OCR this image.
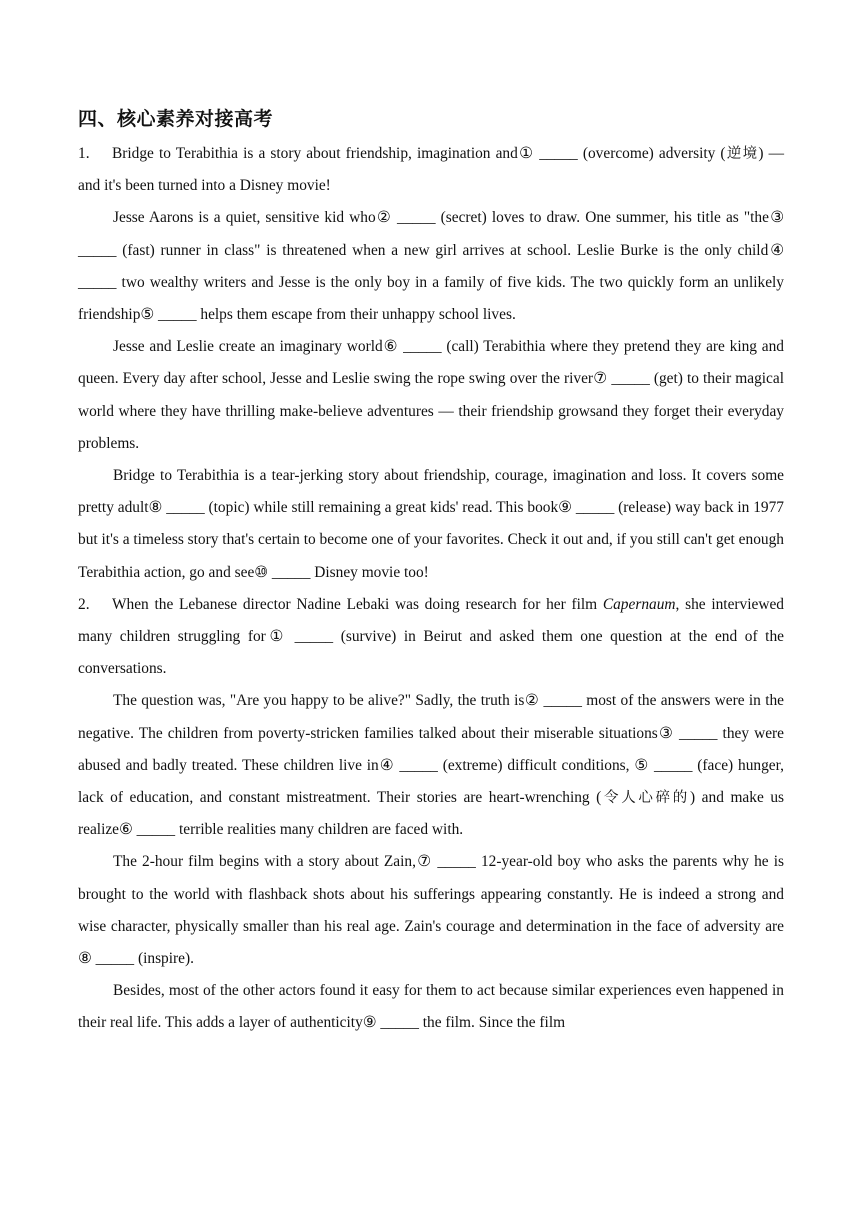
四、核心素养对接高考

1. Bridge to Terabithia is a story about friendship, imagination and① _____ (overcome) adversity (逆境) — and it's been turned into a Disney movie!

Jesse Aarons is a quiet, sensitive kid who② _____ (secret) loves to draw. One summer, his title as "the③ _____ (fast) runner in class" is threatened when a new girl arrives at school. Leslie Burke is the only child④ _____ two wealthy writers and Jesse is the only boy in a family of five kids. The two quickly form an unlikely friendship⑤ _____ helps them escape from their unhappy school lives.

Jesse and Leslie create an imaginary world⑥ _____ (call) Terabithia where they pretend they are king and queen. Every day after school, Jesse and Leslie swing the rope swing over the river⑦ _____ (get) to their magical world where they have thrilling make-believe adventures — their friendship growsand they forget their everyday problems.

Bridge to Terabithia is a tear-jerking story about friendship, courage, imagination and loss. It covers some pretty adult⑧ _____ (topic) while still remaining a great kids' read. This book⑨ _____ (release) way back in 1977 but it's a timeless story that's certain to become one of your favorites. Check it out and, if you still can't get enough Terabithia action, go and see⑩ _____ Disney movie too!

2. When the Lebanese director Nadine Lebaki was doing research for her film Capernaum, she interviewed many children struggling for① _____ (survive) in Beirut and asked them one question at the end of the conversations.

The question was, "Are you happy to be alive?" Sadly, the truth is② _____ most of the answers were in the negative. The children from poverty-stricken families talked about their miserable situations③ _____ they were abused and badly treated. These children live in④ _____ (extreme) difficult conditions, ⑤ _____ (face) hunger, lack of education, and constant mistreatment. Their stories are heart-wrenching (令人心碎的) and make us realize⑥ _____ terrible realities many children are faced with.

The 2-hour film begins with a story about Zain,⑦ _____ 12-year-old boy who asks the parents why he is brought to the world with flashback shots about his sufferings appearing constantly. He is indeed a strong and wise character, physically smaller than his real age. Zain's courage and determination in the face of adversity are ⑧ _____ (inspire).

Besides, most of the other actors found it easy for them to act because similar experiences even happened in their real life. This adds a layer of authenticity⑨ _____ the film. Since the film
